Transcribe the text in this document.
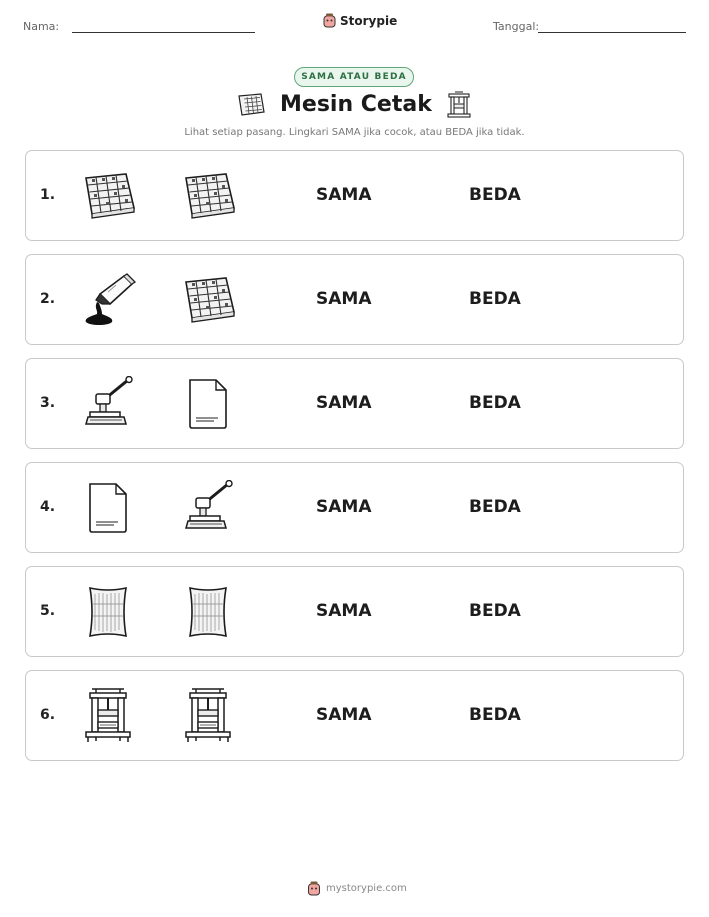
Nama:	Storypie	Tanggal:
SAMA ATAU BEDA
Mesin Cetak
Lihat setiap pasang. Lingkari SAMA jika cocok, atau BEDA jika tidak.
1.	SAMA	BEDA
2.	SAMA	BEDA
3.	SAMA	BEDA
4.	SAMA	BEDA
5.	SAMA	BEDA
6.	SAMA	BEDA
mystorypie.com
